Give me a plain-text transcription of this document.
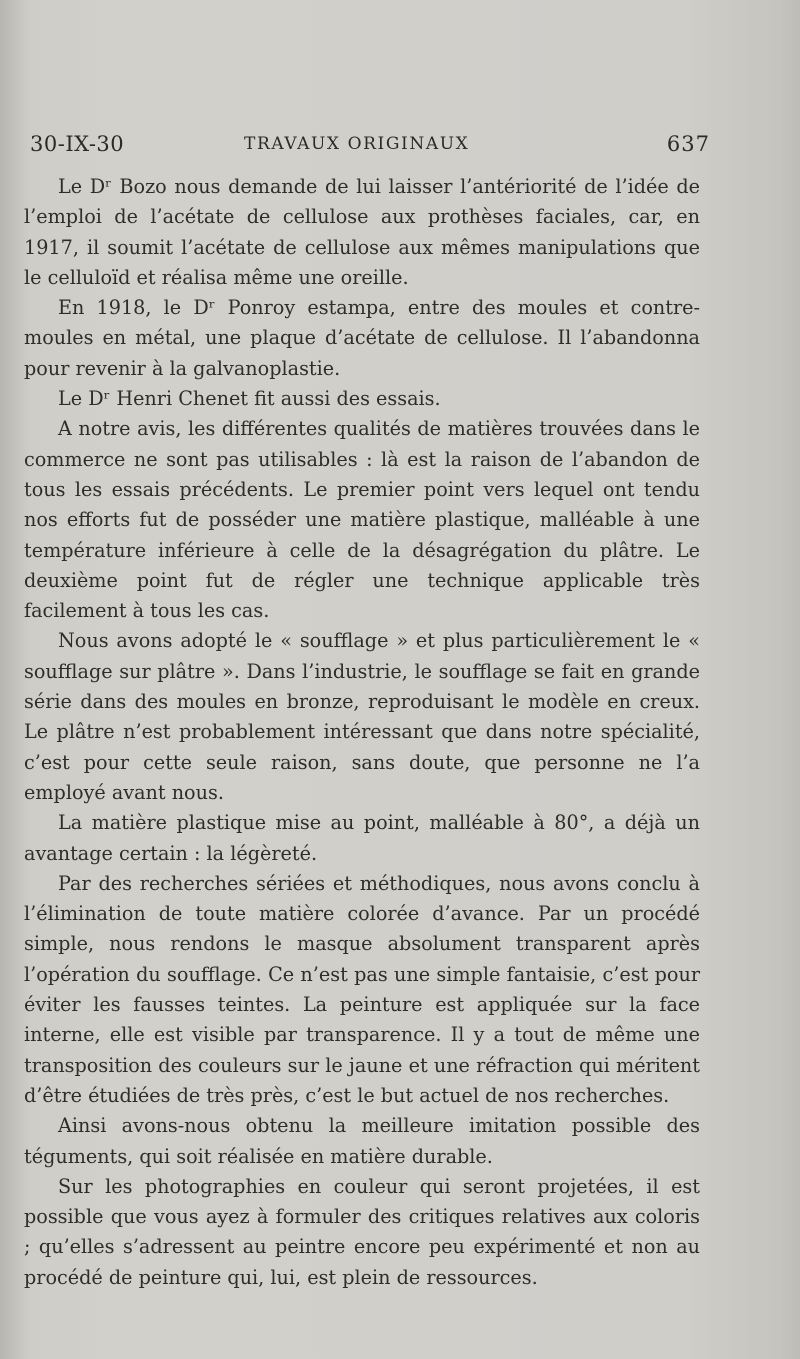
30-IX-30	TRAVAUX ORIGINAUX	637

Le Dʳ Bozo nous demande de lui laisser l’antériorité de l’idée de l’emploi de l’acétate de cellulose aux prothèses faciales, car, en 1917, il soumit l’acétate de cellulose aux mêmes manipulations que le celluloïd et réalisa même une oreille.

En 1918, le Dʳ Ponroy estampa, entre des moules et contre-moules en métal, une plaque d’acétate de cellulose. Il l’abandonna pour revenir à la galvanoplastie.

Le Dʳ Henri Chenet fit aussi des essais.

A notre avis, les différentes qualités de matières trouvées dans le commerce ne sont pas utilisables : là est la raison de l’abandon de tous les essais précédents. Le premier point vers lequel ont tendu nos efforts fut de posséder une matière plastique, malléable à une température inférieure à celle de la désagrégation du plâtre. Le deuxième point fut de régler une technique applicable très facilement à tous les cas.

Nous avons adopté le « soufflage » et plus particulièrement le « soufflage sur plâtre ». Dans l’industrie, le soufflage se fait en grande série dans des moules en bronze, reproduisant le modèle en creux. Le plâtre n’est probablement intéressant que dans notre spécialité, c’est pour cette seule raison, sans doute, que personne ne l’a employé avant nous.

La matière plastique mise au point, malléable à 80°, a déjà un avantage certain : la légèreté.

Par des recherches sériées et méthodiques, nous avons conclu à l’élimination de toute matière colorée d’avance. Par un procédé simple, nous rendons le masque absolument transparent après l’opération du soufflage. Ce n’est pas une simple fantaisie, c’est pour éviter les fausses teintes. La peinture est appliquée sur la face interne, elle est visible par transparence. Il y a tout de même une transposition des couleurs sur le jaune et une réfraction qui méritent d’être étudiées de très près, c’est le but actuel de nos recherches.

Ainsi avons-nous obtenu la meilleure imitation possible des téguments, qui soit réalisée en matière durable.

Sur les photographies en couleur qui seront projetées, il est possible que vous ayez à formuler des critiques relatives aux coloris ; qu’elles s’adressent au peintre encore peu expérimenté et non au procédé de peinture qui, lui, est plein de ressources.
